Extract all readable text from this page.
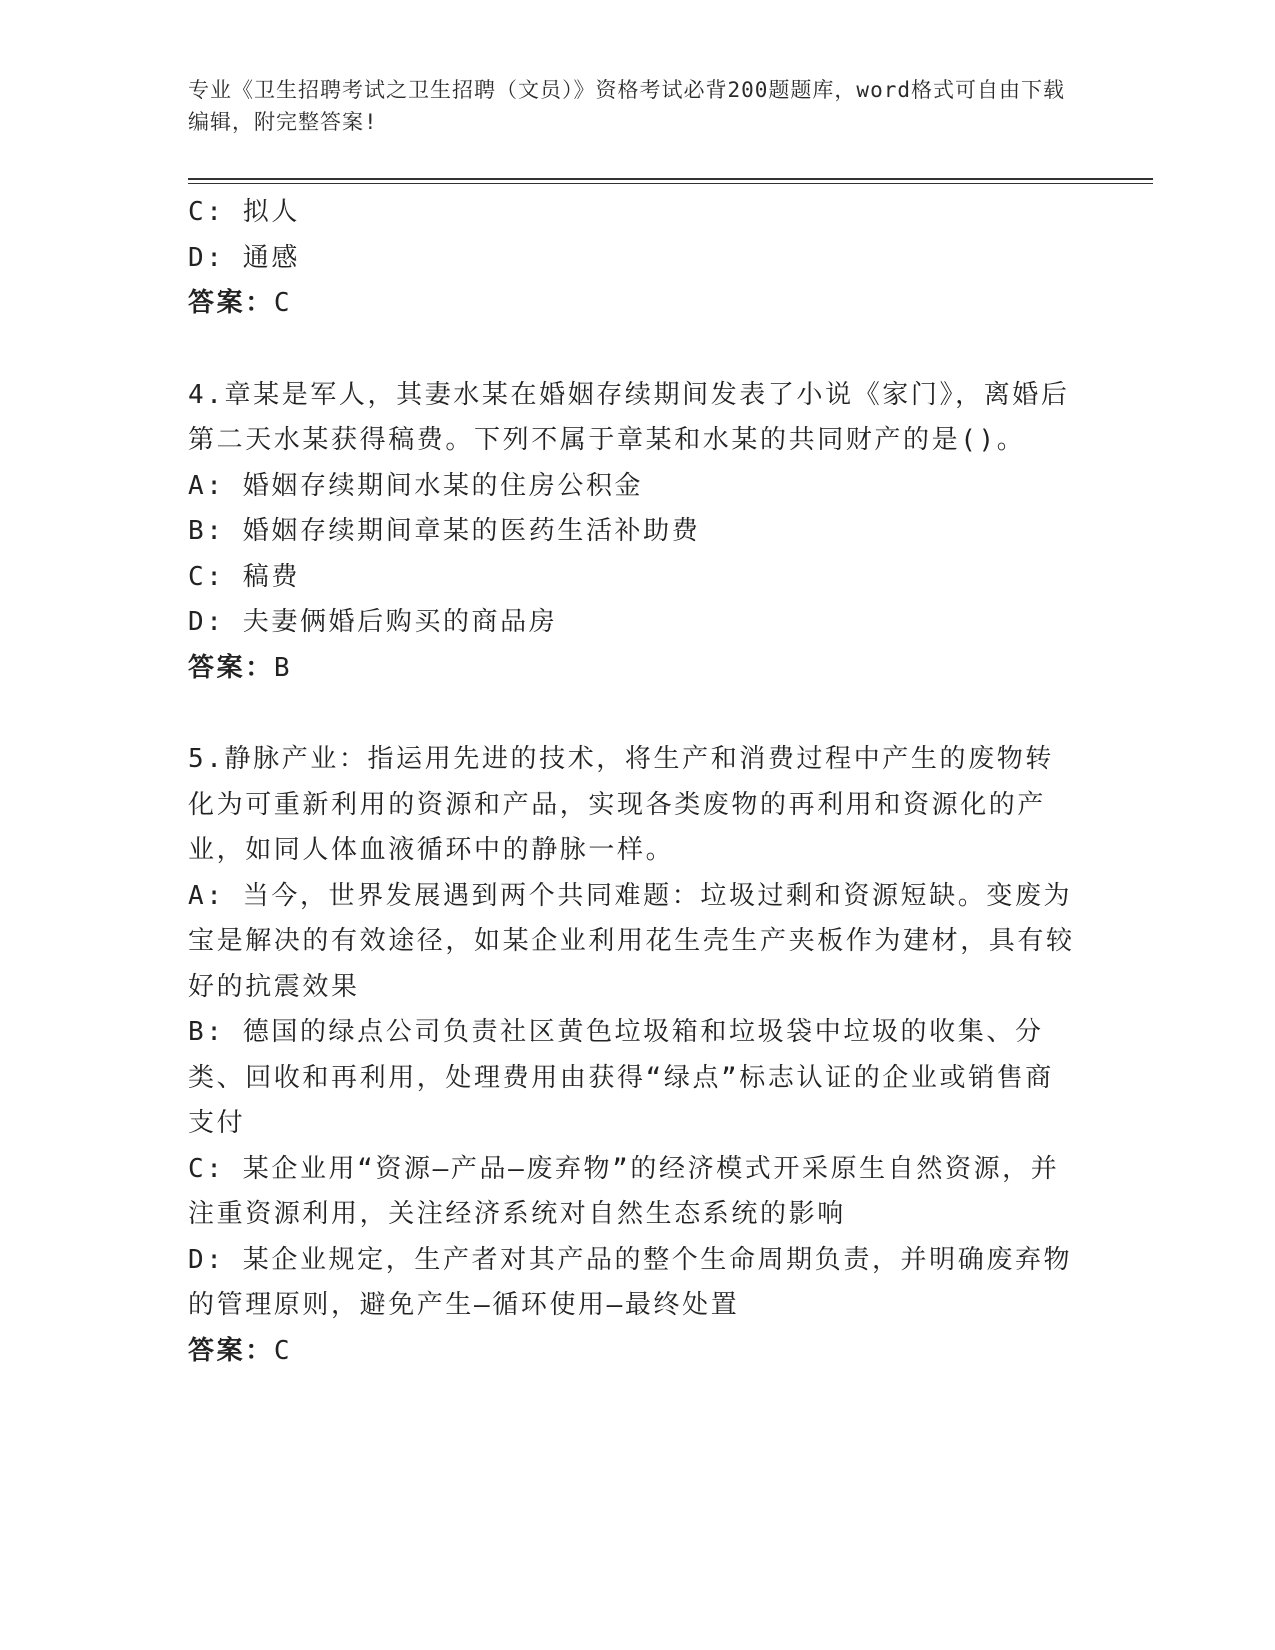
专业《卫生招聘考试之卫生招聘（文员）》资格考试必背200题题库，word格式可自由下载编辑，附完整答案!

C: 拟人

D: 通感

答案：C

4.章某是军人，其妻水某在婚姻存续期间发表了小说《家门》，离婚后第二天水某获得稿费。下列不属于章某和水某的共同财产的是()。

A: 婚姻存续期间水某的住房公积金

B: 婚姻存续期间章某的医药生活补助费

C: 稿费

D: 夫妻俩婚后购买的商品房

答案：B

5.静脉产业：指运用先进的技术，将生产和消费过程中产生的废物转化为可重新利用的资源和产品，实现各类废物的再利用和资源化的产业，如同人体血液循环中的静脉一样。

A: 当今，世界发展遇到两个共同难题：垃圾过剩和资源短缺。变废为宝是解决的有效途径，如某企业利用花生壳生产夹板作为建材，具有较好的抗震效果

B: 德国的绿点公司负责社区黄色垃圾箱和垃圾袋中垃圾的收集、分类、回收和再利用，处理费用由获得“绿点”标志认证的企业或销售商支付

C: 某企业用“资源—产品—废弃物”的经济模式开采原生自然资源，并注重资源利用，关注经济系统对自然生态系统的影响

D: 某企业规定，生产者对其产品的整个生命周期负责，并明确废弃物的管理原则，避免产生—循环使用—最终处置

答案：C
